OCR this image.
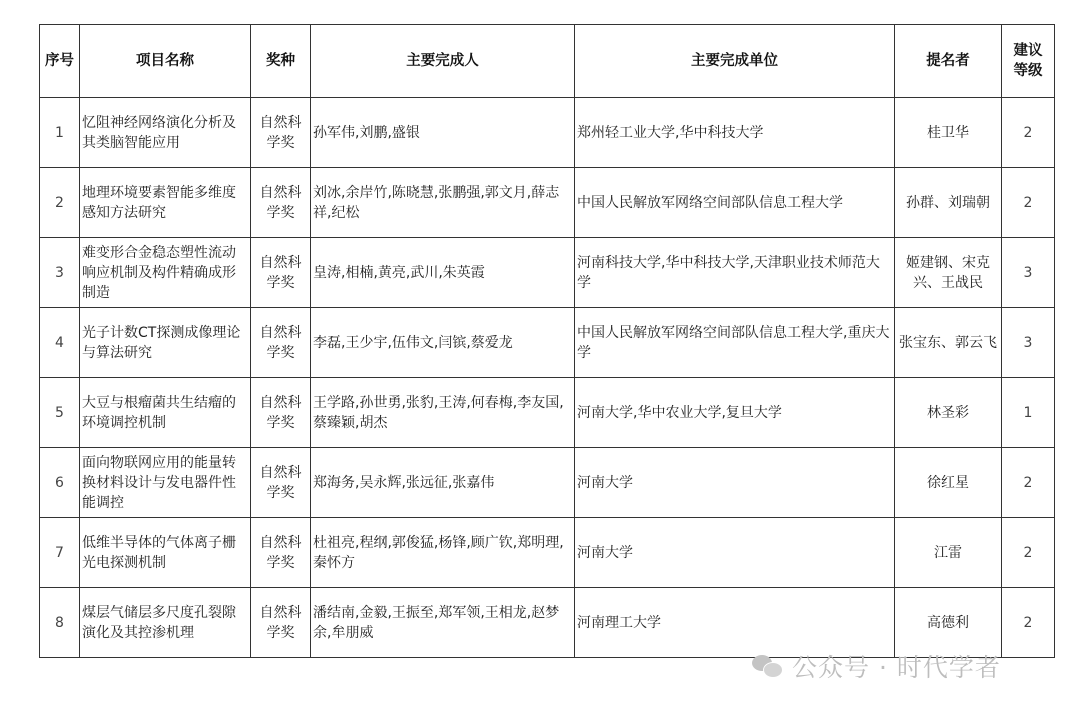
序号	项目名称	奖种	主要完成人	主要完成单位	提名者	建议等级
1	忆阻神经网络演化分析及其类脑智能应用	自然科学奖	孙军伟,刘鹏,盛银	郑州轻工业大学,华中科技大学	桂卫华	2
2	地理环境要素智能多维度感知方法研究	自然科学奖	刘冰,余岸竹,陈晓慧,张鹏强,郭文月,薛志祥,纪松	中国人民解放军网络空间部队信息工程大学	孙群、刘瑞朝	2
3	难变形合金稳态塑性流动响应机制及构件精确成形制造	自然科学奖	皇涛,相楠,黄亮,武川,朱英霞	河南科技大学,华中科技大学,天津职业技术师范大学	姬建钢、宋克兴、王战民	3
4	光子计数CT探测成像理论与算法研究	自然科学奖	李磊,王少宇,伍伟文,闫镔,蔡爱龙	中国人民解放军网络空间部队信息工程大学,重庆大学	张宝东、郭云飞	3
5	大豆与根瘤菌共生结瘤的环境调控机制	自然科学奖	王学路,孙世勇,张豹,王涛,何春梅,李友国,蔡臻颖,胡杰	河南大学,华中农业大学,复旦大学	林圣彩	1
6	面向物联网应用的能量转换材料设计与发电器件性能调控	自然科学奖	郑海务,吴永辉,张远征,张嘉伟	河南大学	徐红星	2
7	低维半导体的气体离子栅光电探测机制	自然科学奖	杜祖亮,程纲,郭俊猛,杨锋,顾广钦,郑明理,秦怀方	河南大学	江雷	2
8	煤层气储层多尺度孔裂隙演化及其控渗机理	自然科学奖	潘结南,金毅,王振至,郑军领,王相龙,赵梦余,牟朋威	河南理工大学	高德利	2
公众号 · 时代学者
